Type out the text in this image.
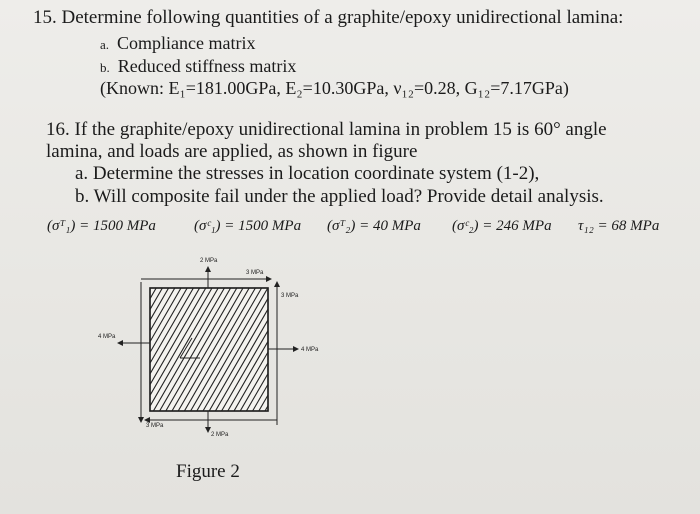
15. Determine following quantities of a graphite/epoxy unidirectional lamina:
a. Compliance matrix
b. Reduced stiffness matrix
(Known: E₁=181.00GPa, E₂=10.30GPa, ν₁₂=0.28, G₁₂=7.17GPa)
16. If the graphite/epoxy unidirectional lamina in problem 15 is 60° angle
lamina, and loads are applied, as shown in figure
a. Determine the stresses in location coordinate system (1-2),
b. Will composite fail under the applied load? Provide detail analysis.
(σᵀ₁) = 1500 MPa	(σᶜ₁) = 1500 MPa (σᵀ₂) = 40 MPa (σᶜ₂) = 246 MPa τ₁₂ = 68 MPa
2 MPa
3 MPa
3 MPa
4 MPa
4 MPa
3 MPa
2 MPa
Figure 2
